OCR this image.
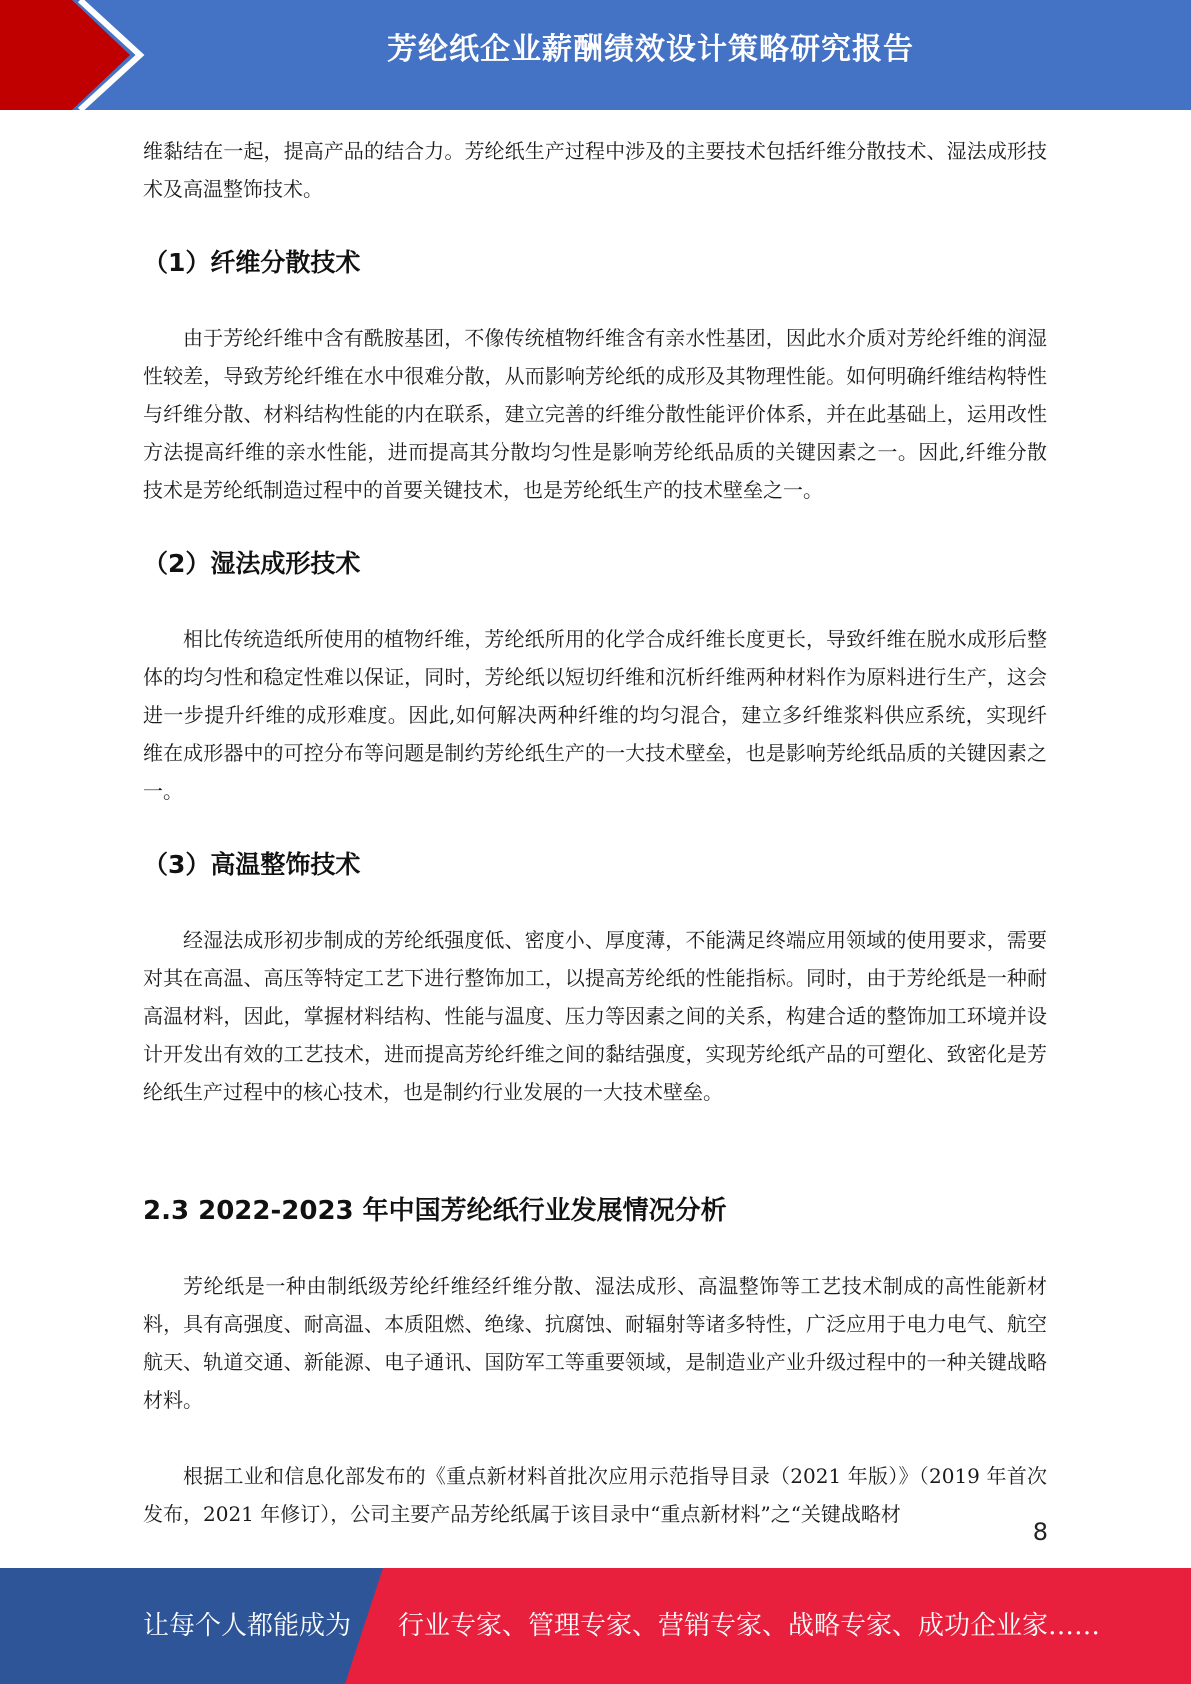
芳纶纸企业薪酬绩效设计策略研究报告

维黏结在一起，提高产品的结合力。芳纶纸生产过程中涉及的主要技术包括纤维分散技术、湿法成形技术及高温整饰技术。

（1）纤维分散技术

由于芳纶纤维中含有酰胺基团，不像传统植物纤维含有亲水性基团，因此水介质对芳纶纤维的润湿性较差，导致芳纶纤维在水中很难分散，从而影响芳纶纸的成形及其物理性能。如何明确纤维结构特性与纤维分散、材料结构性能的内在联系，建立完善的纤维分散性能评价体系，并在此基础上，运用改性方法提高纤维的亲水性能，进而提高其分散均匀性是影响芳纶纸品质的关键因素之一。因此,纤维分散技术是芳纶纸制造过程中的首要关键技术，也是芳纶纸生产的技术壁垒之一。

（2）湿法成形技术

相比传统造纸所使用的植物纤维，芳纶纸所用的化学合成纤维长度更长，导致纤维在脱水成形后整体的均匀性和稳定性难以保证，同时，芳纶纸以短切纤维和沉析纤维两种材料作为原料进行生产，这会进一步提升纤维的成形难度。因此,如何解决两种纤维的均匀混合，建立多纤维浆料供应系统，实现纤维在成形器中的可控分布等问题是制约芳纶纸生产的一大技术壁垒，也是影响芳纶纸品质的关键因素之一。

（3）高温整饰技术

经湿法成形初步制成的芳纶纸强度低、密度小、厚度薄，不能满足终端应用领域的使用要求，需要对其在高温、高压等特定工艺下进行整饰加工，以提高芳纶纸的性能指标。同时，由于芳纶纸是一种耐高温材料，因此，掌握材料结构、性能与温度、压力等因素之间的关系，构建合适的整饰加工环境并设计开发出有效的工艺技术，进而提高芳纶纤维之间的黏结强度，实现芳纶纸产品的可塑化、致密化是芳纶纸生产过程中的核心技术，也是制约行业发展的一大技术壁垒。

2.3 2022-2023 年中国芳纶纸行业发展情况分析

芳纶纸是一种由制纸级芳纶纤维经纤维分散、湿法成形、高温整饰等工艺技术制成的高性能新材料，具有高强度、耐高温、本质阻燃、绝缘、抗腐蚀、耐辐射等诸多特性，广泛应用于电力电气、航空航天、轨道交通、新能源、电子通讯、国防军工等重要领域，是制造业产业升级过程中的一种关键战略材料。

根据工业和信息化部发布的《重点新材料首批次应用示范指导目录（2021 年版）》（2019 年首次发布，2021 年修订），公司主要产品芳纶纸属于该目录中“重点新材料”之“关键战略材

8
让每个人都能成为 行业专家、管理专家、营销专家、战略专家、成功企业家……
